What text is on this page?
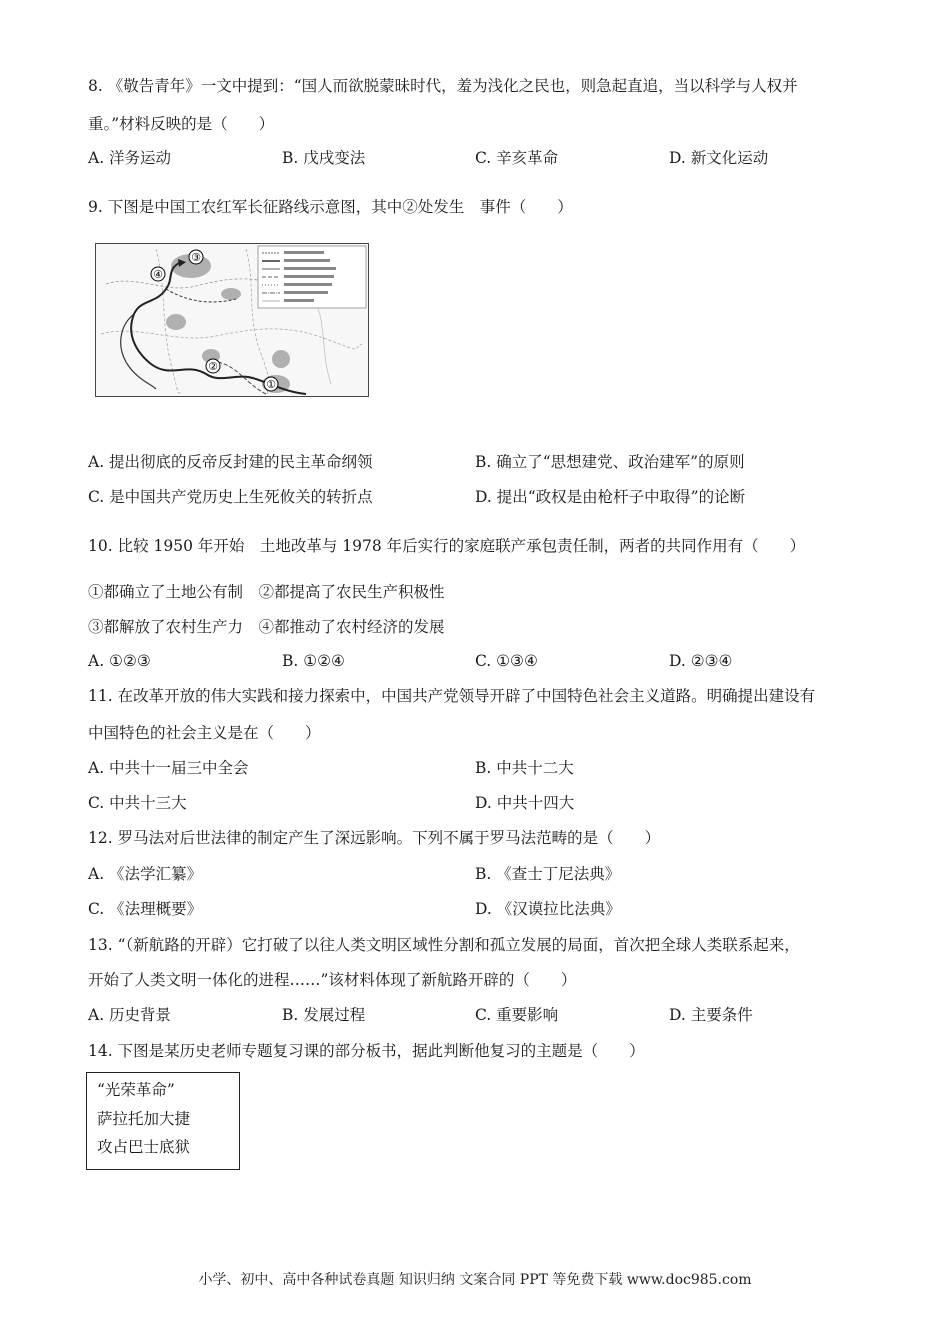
8. 《敬告青年》一文中提到：“国人而欲脱蒙昧时代，羞为浅化之民也，则急起直追，当以科学与人权并
重。”材料反映的是（　　）
A. 洋务运动	B. 戊戌变法	C. 辛亥革命	D. 新文化运动
9. 下图是中国工农红军长征路线示意图，其中②处发生　事件（　　）
①
②
③
④
A. 提出彻底的反帝反封建的民主革命纲领	B. 确立了“思想建党、政治建军”的原则
C. 是中国共产党历史上生死攸关的转折点	D. 提出“政权是由枪杆子中取得”的论断
10. 比较 1950 年开始　土地改革与 1978 年后实行的家庭联产承包责任制，两者的共同作用有（　　）
①都确立了土地公有制　②都提高了农民生产积极性
③都解放了农村生产力　④都推动了农村经济的发展
A. ①②③	B. ①②④	C. ①③④	D. ②③④
11. 在改革开放的伟大实践和接力探索中，中国共产党领导开辟了中国特色社会主义道路。明确提出建设有
中国特色的社会主义是在（　　）
A. 中共十一届三中全会	B. 中共十二大
C. 中共十三大	D. 中共十四大
12. 罗马法对后世法律的制定产生了深远影响。下列不属于罗马法范畴的是（　　）
A. 《法学汇纂》	B. 《查士丁尼法典》
C. 《法理概要》	D. 《汉谟拉比法典》
13. “（新航路的开辟）它打破了以往人类文明区域性分割和孤立发展的局面，首次把全球人类联系起来，
开始了人类文明一体化的进程……”该材料体现了新航路开辟的（　　）
A. 历史背景	B. 发展过程	C. 重要影响	D. 主要条件
14. 下图是某历史老师专题复习课的部分板书，据此判断他复习的主题是（　　）
“光荣革命”
萨拉托加大捷
攻占巴士底狱
小学、初中、高中各种试卷真题 知识归纳 文案合同 PPT 等免费下载 www.doc985.com
